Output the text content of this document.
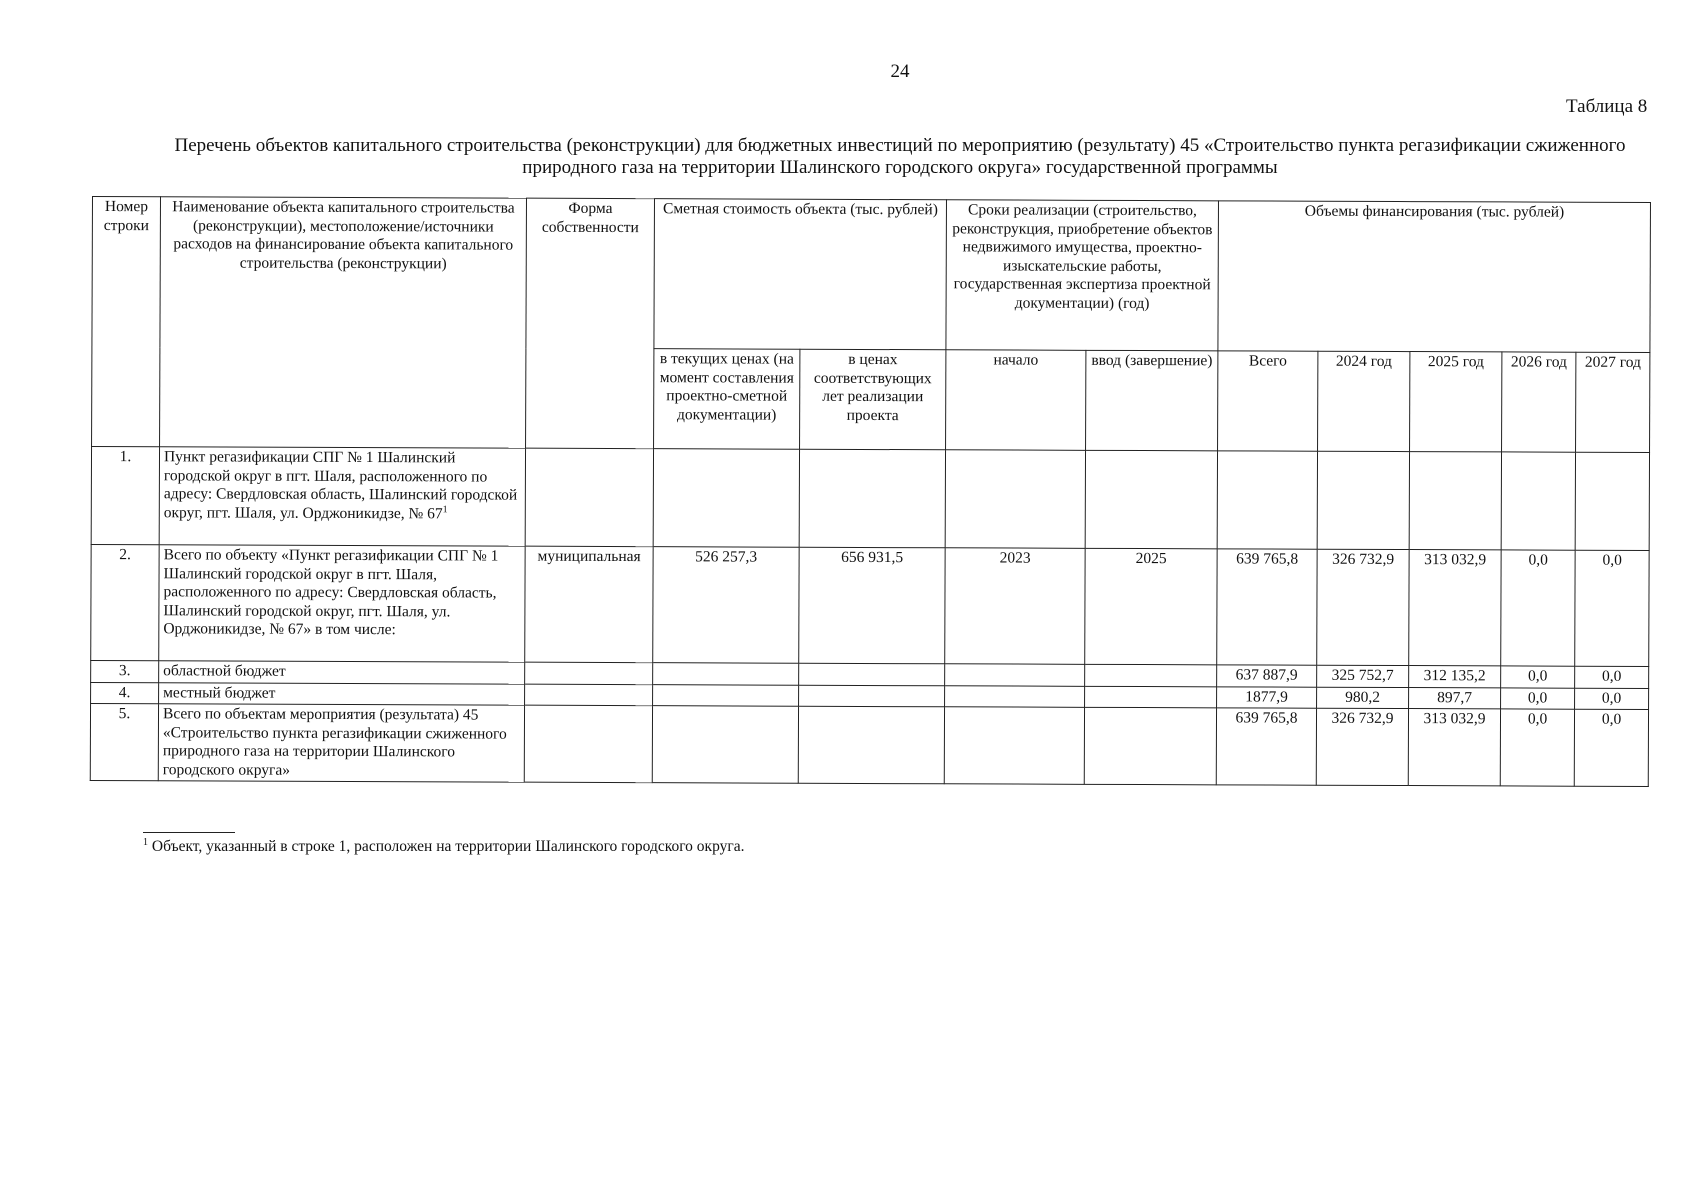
24
Таблица 8
Перечень объектов капитального строительства (реконструкции) для бюджетных инвестиций по мероприятию (результату) 45 «Строительство пункта регазификации сжиженного
природного газа на территории Шалинского городского округа» государственной программы
Номер строки	Наименование объекта капитального строительства (реконструкции), местоположение/источники расходов на финансирование объекта капитального строительства (реконструкции)	Форма собственности	Сметная стоимость объекта (тыс. рублей)		Сроки реализации (строительство, реконструкция, приобретение объектов недвижимого имущества, проектно-изыскательские работы, государственная экспертиза проектной документации) (год)		Объемы финансирования (тыс. рублей)				
			в текущих ценах (на момент составления проектно-сметной документации)	в ценах соответствующих лет реализации проекта	начало	ввод (завершение)	Всего	2024 год	2025 год	2026 год	2027 год
1.	Пункт регазификации СПГ № 1 Шалинский городской округ в пгт. Шаля, расположенного по адресу: Свердловская область, Шалинский городской округ, пгт. Шаля, ул. Орджоникидзе, № $67^1$										
2.	Всего по объекту «Пункт регазификации СПГ № 1 Шалинский городской округ в пгт. Шаля, расположенного по адресу: Свердловская область, Шалинский городской округ, пгт. Шаля, ул. Орджоникидзе, № 67» в том числе:	муниципальная	526 257,3	656 931,5	2023	2025	639 765,8	326 732,9	313 032,9	0,0	0,0
3.	областной бюджет						637 887,9	325 752,7	312 135,2	0,0	0,0
4.	местный бюджет						1877,9	980,2	897,7	0,0	0,0
5.	Всего по объектам мероприятия (результата) 45 «Строительство пункта регазификации сжиженного природного газа на территории Шалинского городского округа»						639 765,8	326 732,9	313 032,9	0,0	0,0
$^1$ Объект, указанный в строке 1, расположен на территории Шалинского городского округа.
